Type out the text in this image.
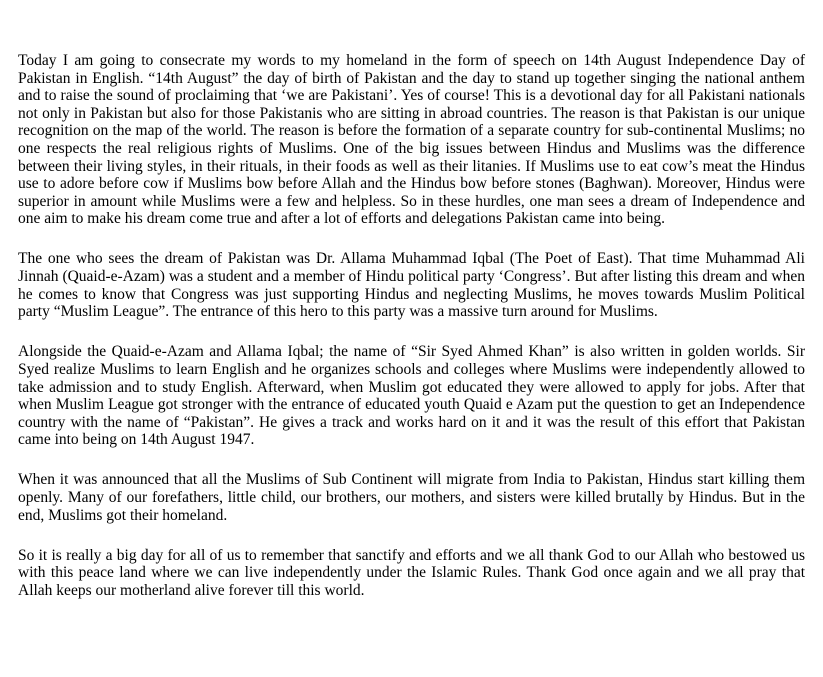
Today I am going to consecrate my words to my homeland in the form of speech on 14th August Independence Day of Pakistan in English. “14th August” the day of birth of Pakistan and the day to stand up together singing the national anthem and to raise the sound of proclaiming that ‘we are Pakistani’. Yes of course! This is a devotional day for all Pakistani nationals not only in Pakistan but also for those Pakistanis who are sitting in abroad countries. The reason is that Pakistan is our unique recognition on the map of the world. The reason is before the formation of a separate country for sub-continental Muslims; no one respects the real religious rights of Muslims. One of the big issues between Hindus and Muslims was the difference between their living styles, in their rituals, in their foods as well as their litanies. If Muslims use to eat cow’s meat the Hindus use to adore before cow if Muslims bow before Allah and the Hindus bow before stones (Baghwan). Moreover, Hindus were superior in amount while Muslims were a few and helpless. So in these hurdles, one man sees a dream of Independence and one aim to make his dream come true and after a lot of efforts and delegations Pakistan came into being.

The one who sees the dream of Pakistan was Dr. Allama Muhammad Iqbal (The Poet of East). That time Muhammad Ali Jinnah (Quaid-e-Azam) was a student and a member of Hindu political party ‘Congress’. But after listing this dream and when he comes to know that Congress was just supporting Hindus and neglecting Muslims, he moves towards Muslim Political party “Muslim League”. The entrance of this hero to this party was a massive turn around for Muslims.

Alongside the Quaid-e-Azam and Allama Iqbal; the name of “Sir Syed Ahmed Khan” is also written in golden worlds. Sir Syed realize Muslims to learn English and he organizes schools and colleges where Muslims were independently allowed to take admission and to study English. Afterward, when Muslim got educated they were allowed to apply for jobs. After that when Muslim League got stronger with the entrance of educated youth Quaid e Azam put the question to get an Independence country with the name of “Pakistan”. He gives a track and works hard on it and it was the result of this effort that Pakistan came into being on 14th August 1947.

When it was announced that all the Muslims of Sub Continent will migrate from India to Pakistan, Hindus start killing them openly. Many of our forefathers, little child, our brothers, our mothers, and sisters were killed brutally by Hindus. But in the end, Muslims got their homeland.

So it is really a big day for all of us to remember that sanctify and efforts and we all thank God to our Allah who bestowed us with this peace land where we can live independently under the Islamic Rules. Thank God once again and we all pray that Allah keeps our motherland alive forever till this world.
